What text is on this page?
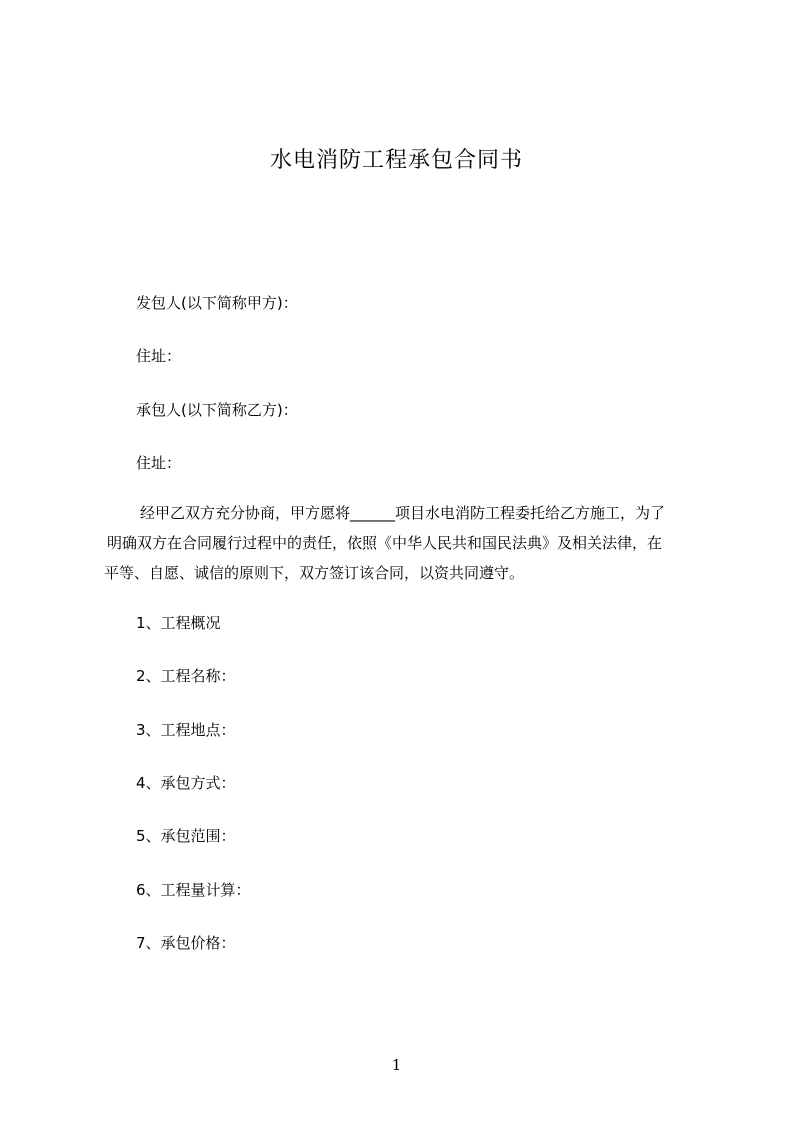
水电消防工程承包合同书
发包人(以下简称甲方)：
住址：
承包人(以下简称乙方)：
住址：
经甲乙双方充分协商，甲方愿将______项目水电消防工程委托给乙方施工，为了
明确双方在合同履行过程中的责任，依照《中华人民共和国民法典》及相关法律，在
平等、自愿、诚信的原则下，双方签订该合同，以资共同遵守。
1、工程概况
2、工程名称：
3、工程地点：
4、承包方式：
5、承包范围：
6、工程量计算：
7、承包价格：
1
